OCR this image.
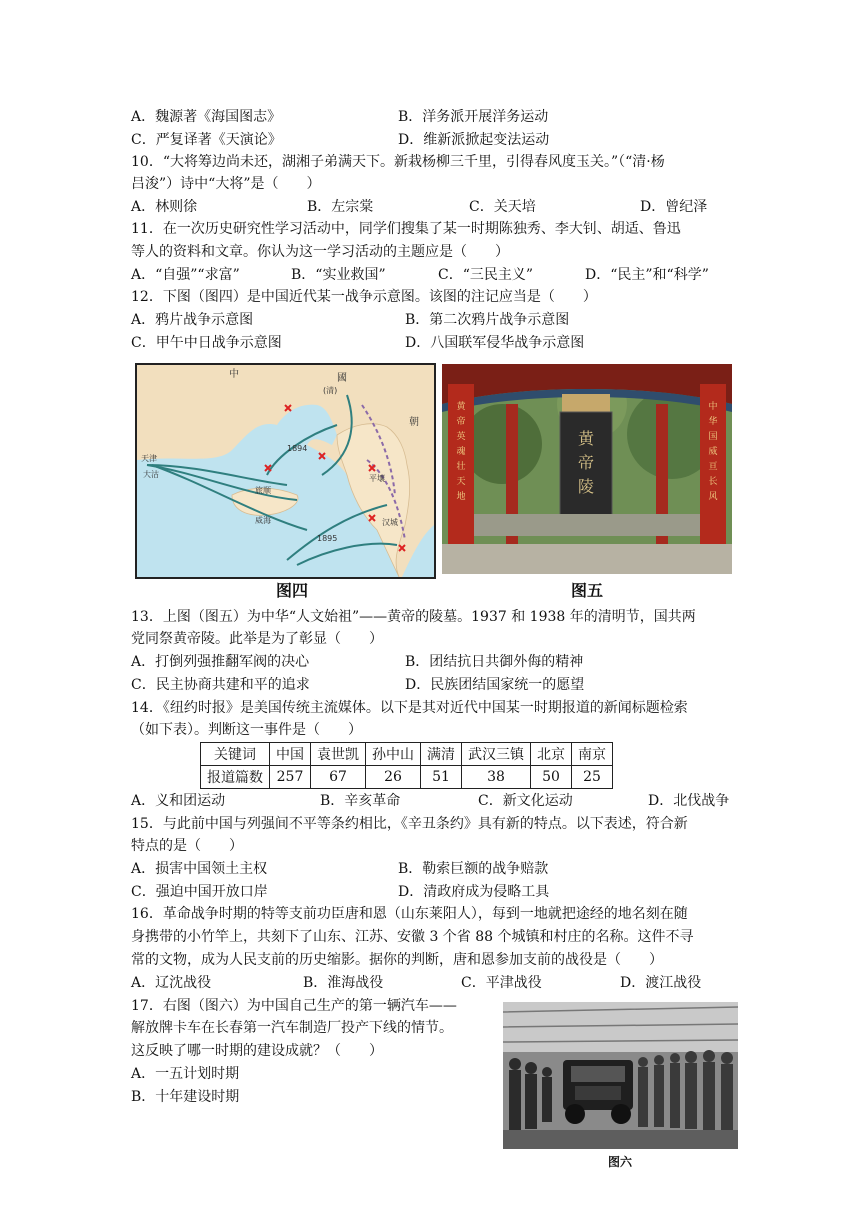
A．魏源著《海国图志》	B．洋务派开展洋务运动
C．严复译著《天演论》	D．维新派掀起变法运动
10．“大将筹边尚未还，湖湘子弟满天下。新栽杨柳三千里，引得春风度玉关。”（“清·杨
吕浚”）诗中“大将”是（　　）
A．林则徐	B．左宗棠	C．关天培	D．曾纪泽
11．在一次历史研究性学习活动中，同学们搜集了某一时期陈独秀、李大钊、胡适、鲁迅
等人的资料和文章。你认为这一学习活动的主题应是（　　）
A．“自强”“求富”	B．“实业救国”	C．“三民主义”	D．“民主”和“科学”
12．下图（图四）是中国近代某一战争示意图。该图的注记应当是（　　）
A．鸦片战争示意图	B．第二次鸦片战争示意图
C．甲午中日战争示意图	D．八国联军侵华战争示意图
中	國
朝
(清)
天津
大沽
旅顺
威海
平壤
1894
1895
汉城
图四
黄
帝
陵
黄
帝
英
魂
壮
天
地
中
华
国
威
亘
长
风
图五
13．上图（图五）为中华“人文始祖”——黄帝的陵墓。1937 和 1938 年的清明节，国共两
党同祭黄帝陵。此举是为了彰显（　　）
A．打倒列强推翻军阀的决心	B．团结抗日共御外侮的精神
C．民主协商共建和平的追求	D．民族团结国家统一的愿望
14．《纽约时报》是美国传统主流媒体。以下是其对近代中国某一时期报道的新闻标题检索
（如下表）。判断这一事件是（　　）
关键词	中国	袁世凯	孙中山	满清	武汉三镇	北京	南京
报道篇数	257	67	26	51	38	50	25
A．义和团运动	B．辛亥革命	C．新文化运动	D．北伐战争
15．与此前中国与列强间不平等条约相比，《辛丑条约》具有新的特点。以下表述，符合新
特点的是（　　）
A．损害中国领土主权	B．勒索巨额的战争赔款
C．强迫中国开放口岸	D．清政府成为侵略工具
16．革命战争时期的特等支前功臣唐和恩（山东莱阳人），每到一地就把途经的地名刻在随
身携带的小竹竿上，共刻下了山东、江苏、安徽 3 个省 88 个城镇和村庄的名称。这件不寻
常的文物，成为人民支前的历史缩影。据你的判断，唐和恩参加支前的战役是（　　）
A．辽沈战役	B．淮海战役	C．平津战役	D．渡江战役
17．右图（图六）为中国自己生产的第一辆汽车——
解放牌卡车在长春第一汽车制造厂投产下线的情节。
这反映了哪一时期的建设成就？（　　）
A．一五计划时期
B．十年建设时期
图六
